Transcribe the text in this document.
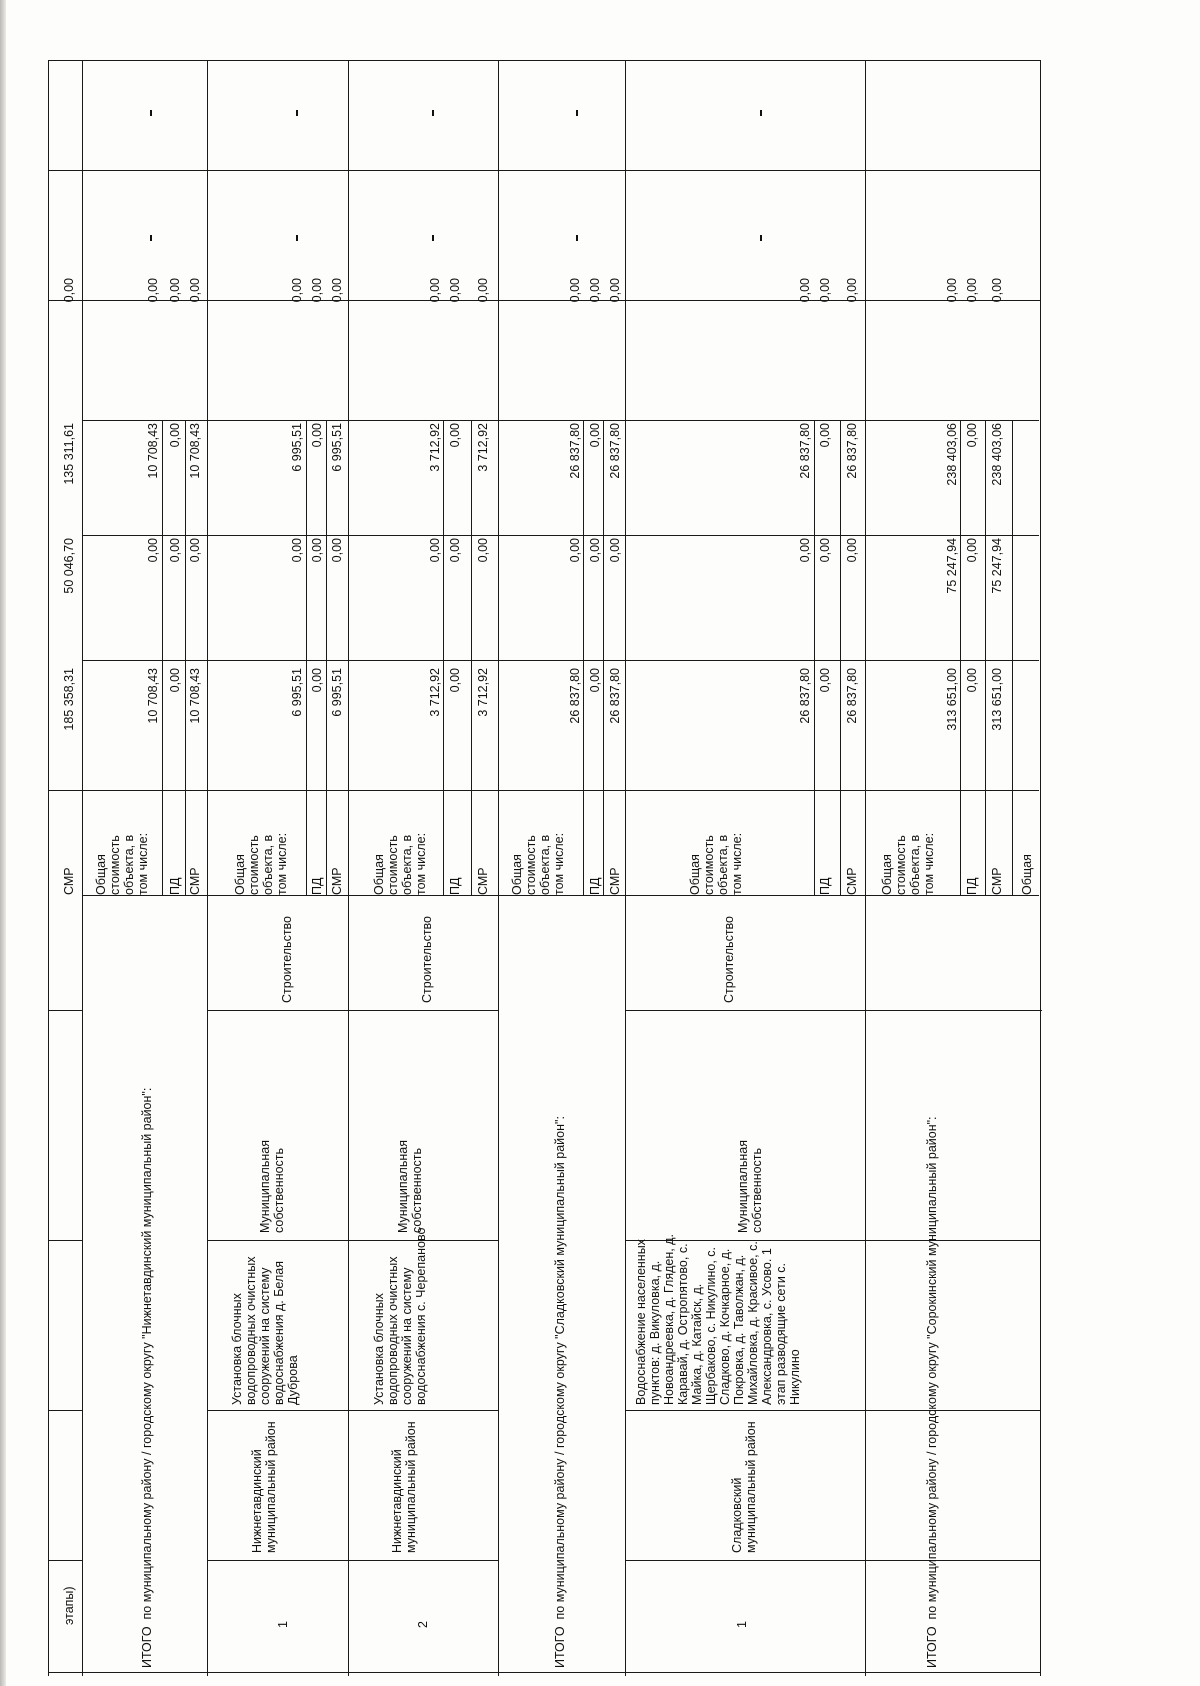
этапы)
СМР
185 358,31
50 046,70
135 311,61
0,00
ИТОГО  по муниципальному району / городскому округу "Нижнетавдинский муниципальный район":	ИТОГО  по муниципальному району / городскому округу "Сладковский муниципальный район":	ИТОГО  по муниципальному району / городскому округу "Сорокинский муниципальный район":
Общая
стоимость
объекта, в
том числе:
ПД СМР
10 708,43
0,00
10 708,43
0,00
0,00
0,00
0,00
0,00
10 708,43
0,00
10 708,43
0,00
Общая
стоимость
объекта, в
том числе:
ПД СМР
6 995,51
0,00
6 995,51
0,00
0,00
0,00
0,00
0,00
6 995,51
0,00
6 995,51
0,00
Общая
стоимость
объекта, в
том числе:
ПД СМР
3 712,92
0,00
3 712,92
0,00
0,00
0,00
0,00
0,00
3 712,92
0,00
3 712,92
0,00
Общая
стоимость
объекта, в
том числе:
ПД СМР
26 837,80
0,00
26 837,80
0,00
0,00
0,00
0,00
0,00
26 837,80
0,00
26 837,80
0,00
Общая
стоимость
объекта, в
том числе:
ПД СМР
26 837,80
0,00
26 837,80
0,00
0,00
0,00
0,00
0,00
26 837,80
0,00
26 837,80
0,00
Общая
стоимость
объекта, в
том числе:
ПД СМР
313 651,00
75 247,94
238 403,06
0,00
0,00
0,00
0,00
0,00
313 651,00
75 247,94
238 403,06
0,00
Общая
1
Нижнетавдинский
муниципальный район
Установка блочных
водопроводных очистных
сооружений на систему
водоснабжения д. Белая
Дуброва
Муниципальная
собственность
Строительство
2
Нижнетавдинский
муниципальный район
Установка блочных
водопроводных очистных
сооружений на систему
водоснабжения с. Черепаново
Муниципальная
собственность
Строительство
1
Сладковский
муниципальный район
Водоснабжение населенных
пунктов: д. Викуловка, д.
Новоандреевка, д. Гляден, д.
Каравай, д. Остропятово, с.
Майка, д. Катайск, д.
Щербаково, с. Никулино, с.
Сладково, д. Кочкарное, д.
Покровка, д. Таволжан, д.
Михайловка, д. Красивое, с.
Александровка, с. Усово. 1
этап разводящие сети с.
Никулино
Муниципальная
собственность
Строительство
